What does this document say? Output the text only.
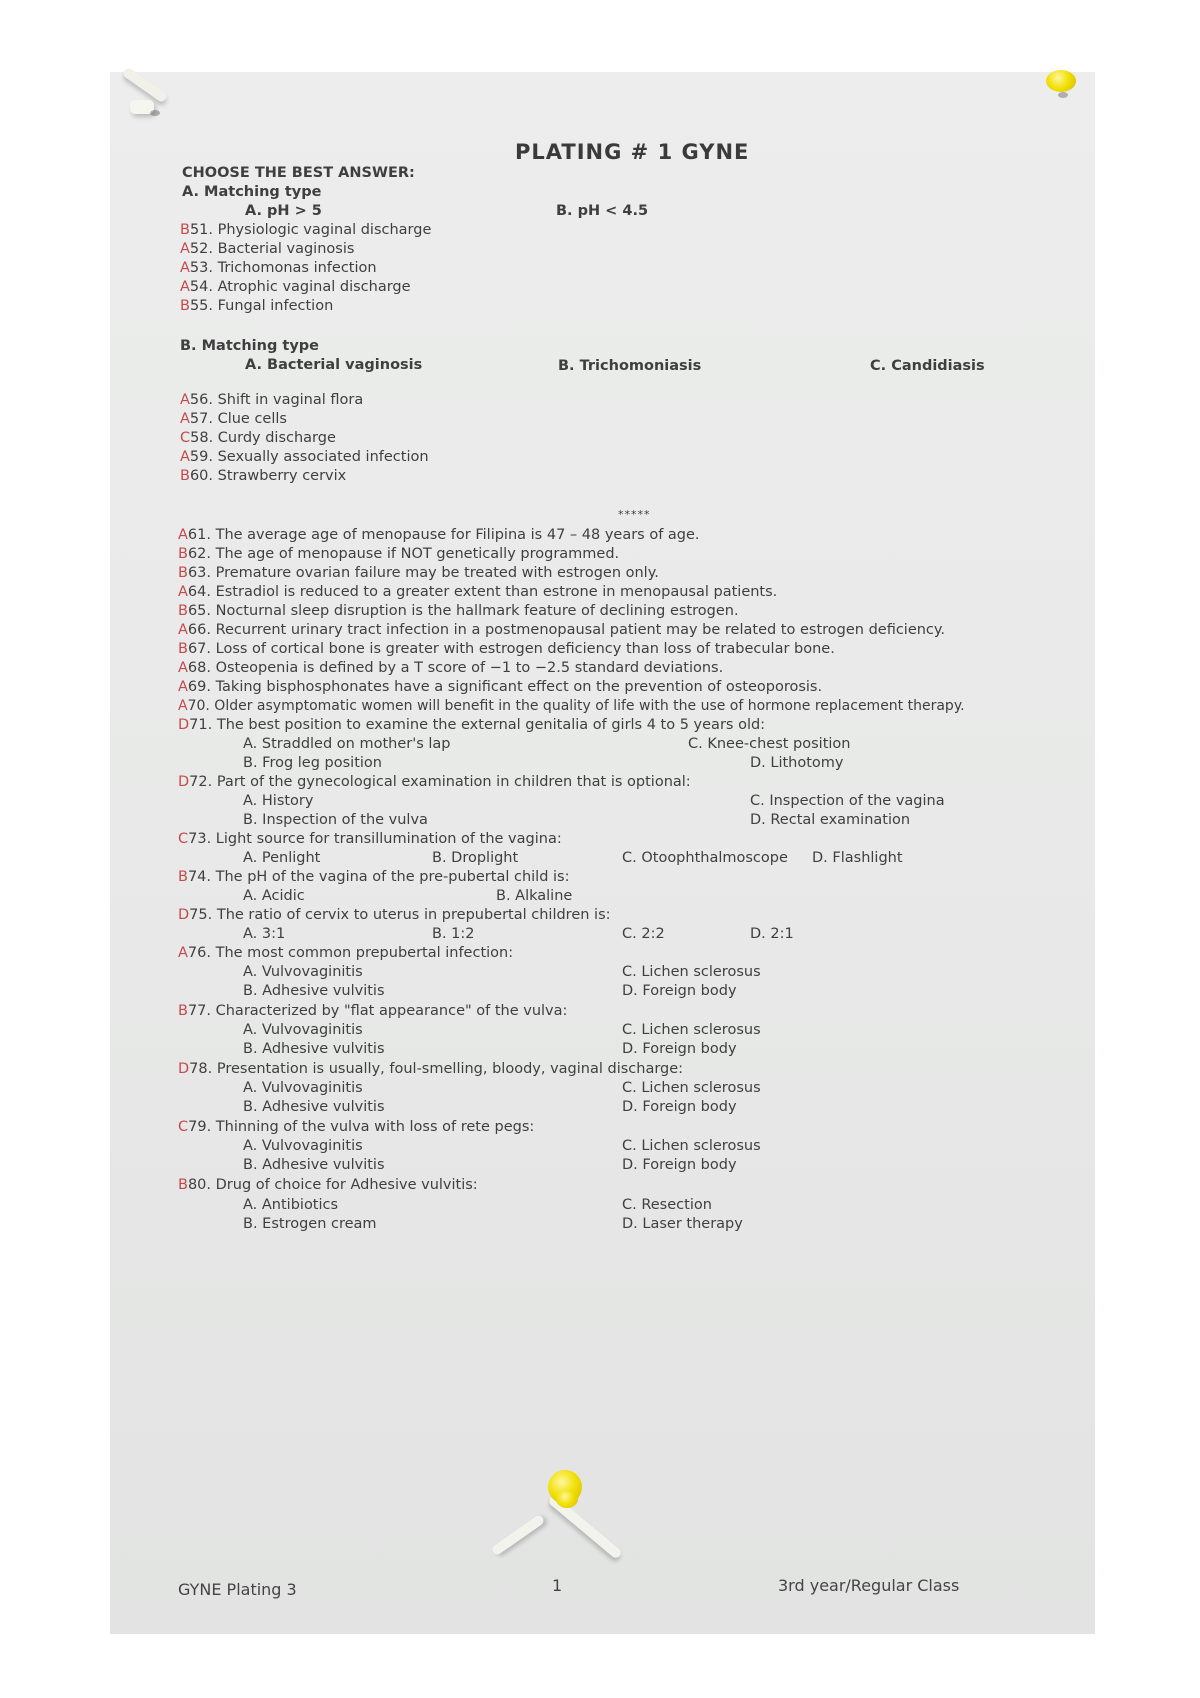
PLATING # 1 GYNE
CHOOSE THE BEST ANSWER:
A. Matching type
A. pH > 5	B. pH < 4.5
B51. Physiologic vaginal discharge
A52. Bacterial vaginosis
A53. Trichomonas infection
A54. Atrophic vaginal discharge
B55. Fungal infection
B. Matching type
A. Bacterial vaginosis	B. Trichomoniasis	C. Candidiasis
A56. Shift in vaginal flora
A57. Clue cells
C58. Curdy discharge
A59. Sexually associated infection
B60. Strawberry cervix
*****
A61. The average age of menopause for Filipina is 47 – 48 years of age.
B62. The age of menopause if NOT genetically programmed.
B63. Premature ovarian failure may be treated with estrogen only.
A64. Estradiol is reduced to a greater extent than estrone in menopausal patients.
B65. Nocturnal sleep disruption is the hallmark feature of declining estrogen.
A66. Recurrent urinary tract infection in a postmenopausal patient may be related to estrogen deficiency.
B67. Loss of cortical bone is greater with estrogen deficiency than loss of trabecular bone.
A68. Osteopenia is defined by a T score of −1 to −2.5 standard deviations.
A69. Taking bisphosphonates have a significant effect on the prevention of osteoporosis.
A70. Older asymptomatic women will benefit in the quality of life with the use of hormone replacement therapy.
D71. The best position to examine the external genitalia of girls 4 to 5 years old:
A. Straddled on mother's lap	C. Knee-chest position
B. Frog leg position	D. Lithotomy
D72. Part of the gynecological examination in children that is optional:
A. History	C. Inspection of the vagina
B. Inspection of the vulva	D. Rectal examination
C73. Light source for transillumination of the vagina:
A. Penlight	B. Droplight	C. Otoophthalmoscope D. Flashlight
B74. The pH of the vagina of the pre-pubertal child is:
A. Acidic	B. Alkaline
D75. The ratio of cervix to uterus in prepubertal children is:
A. 3:1	B. 1:2	C. 2:2	D. 2:1
A76. The most common prepubertal infection:
A. Vulvovaginitis	C. Lichen sclerosus
B. Adhesive vulvitis	D. Foreign body
B77. Characterized by "flat appearance" of the vulva:
A. Vulvovaginitis	C. Lichen sclerosus
B. Adhesive vulvitis	D. Foreign body
D78. Presentation is usually, foul-smelling, bloody, vaginal discharge:
A. Vulvovaginitis	C. Lichen sclerosus
B. Adhesive vulvitis	D. Foreign body
C79. Thinning of the vulva with loss of rete pegs:
A. Vulvovaginitis	C. Lichen sclerosus
B. Adhesive vulvitis	D. Foreign body
B80. Drug of choice for Adhesive vulvitis:
A. Antibiotics	C. Resection
B. Estrogen cream	D. Laser therapy
GYNE Plating 3	1	3rd year/Regular Class
